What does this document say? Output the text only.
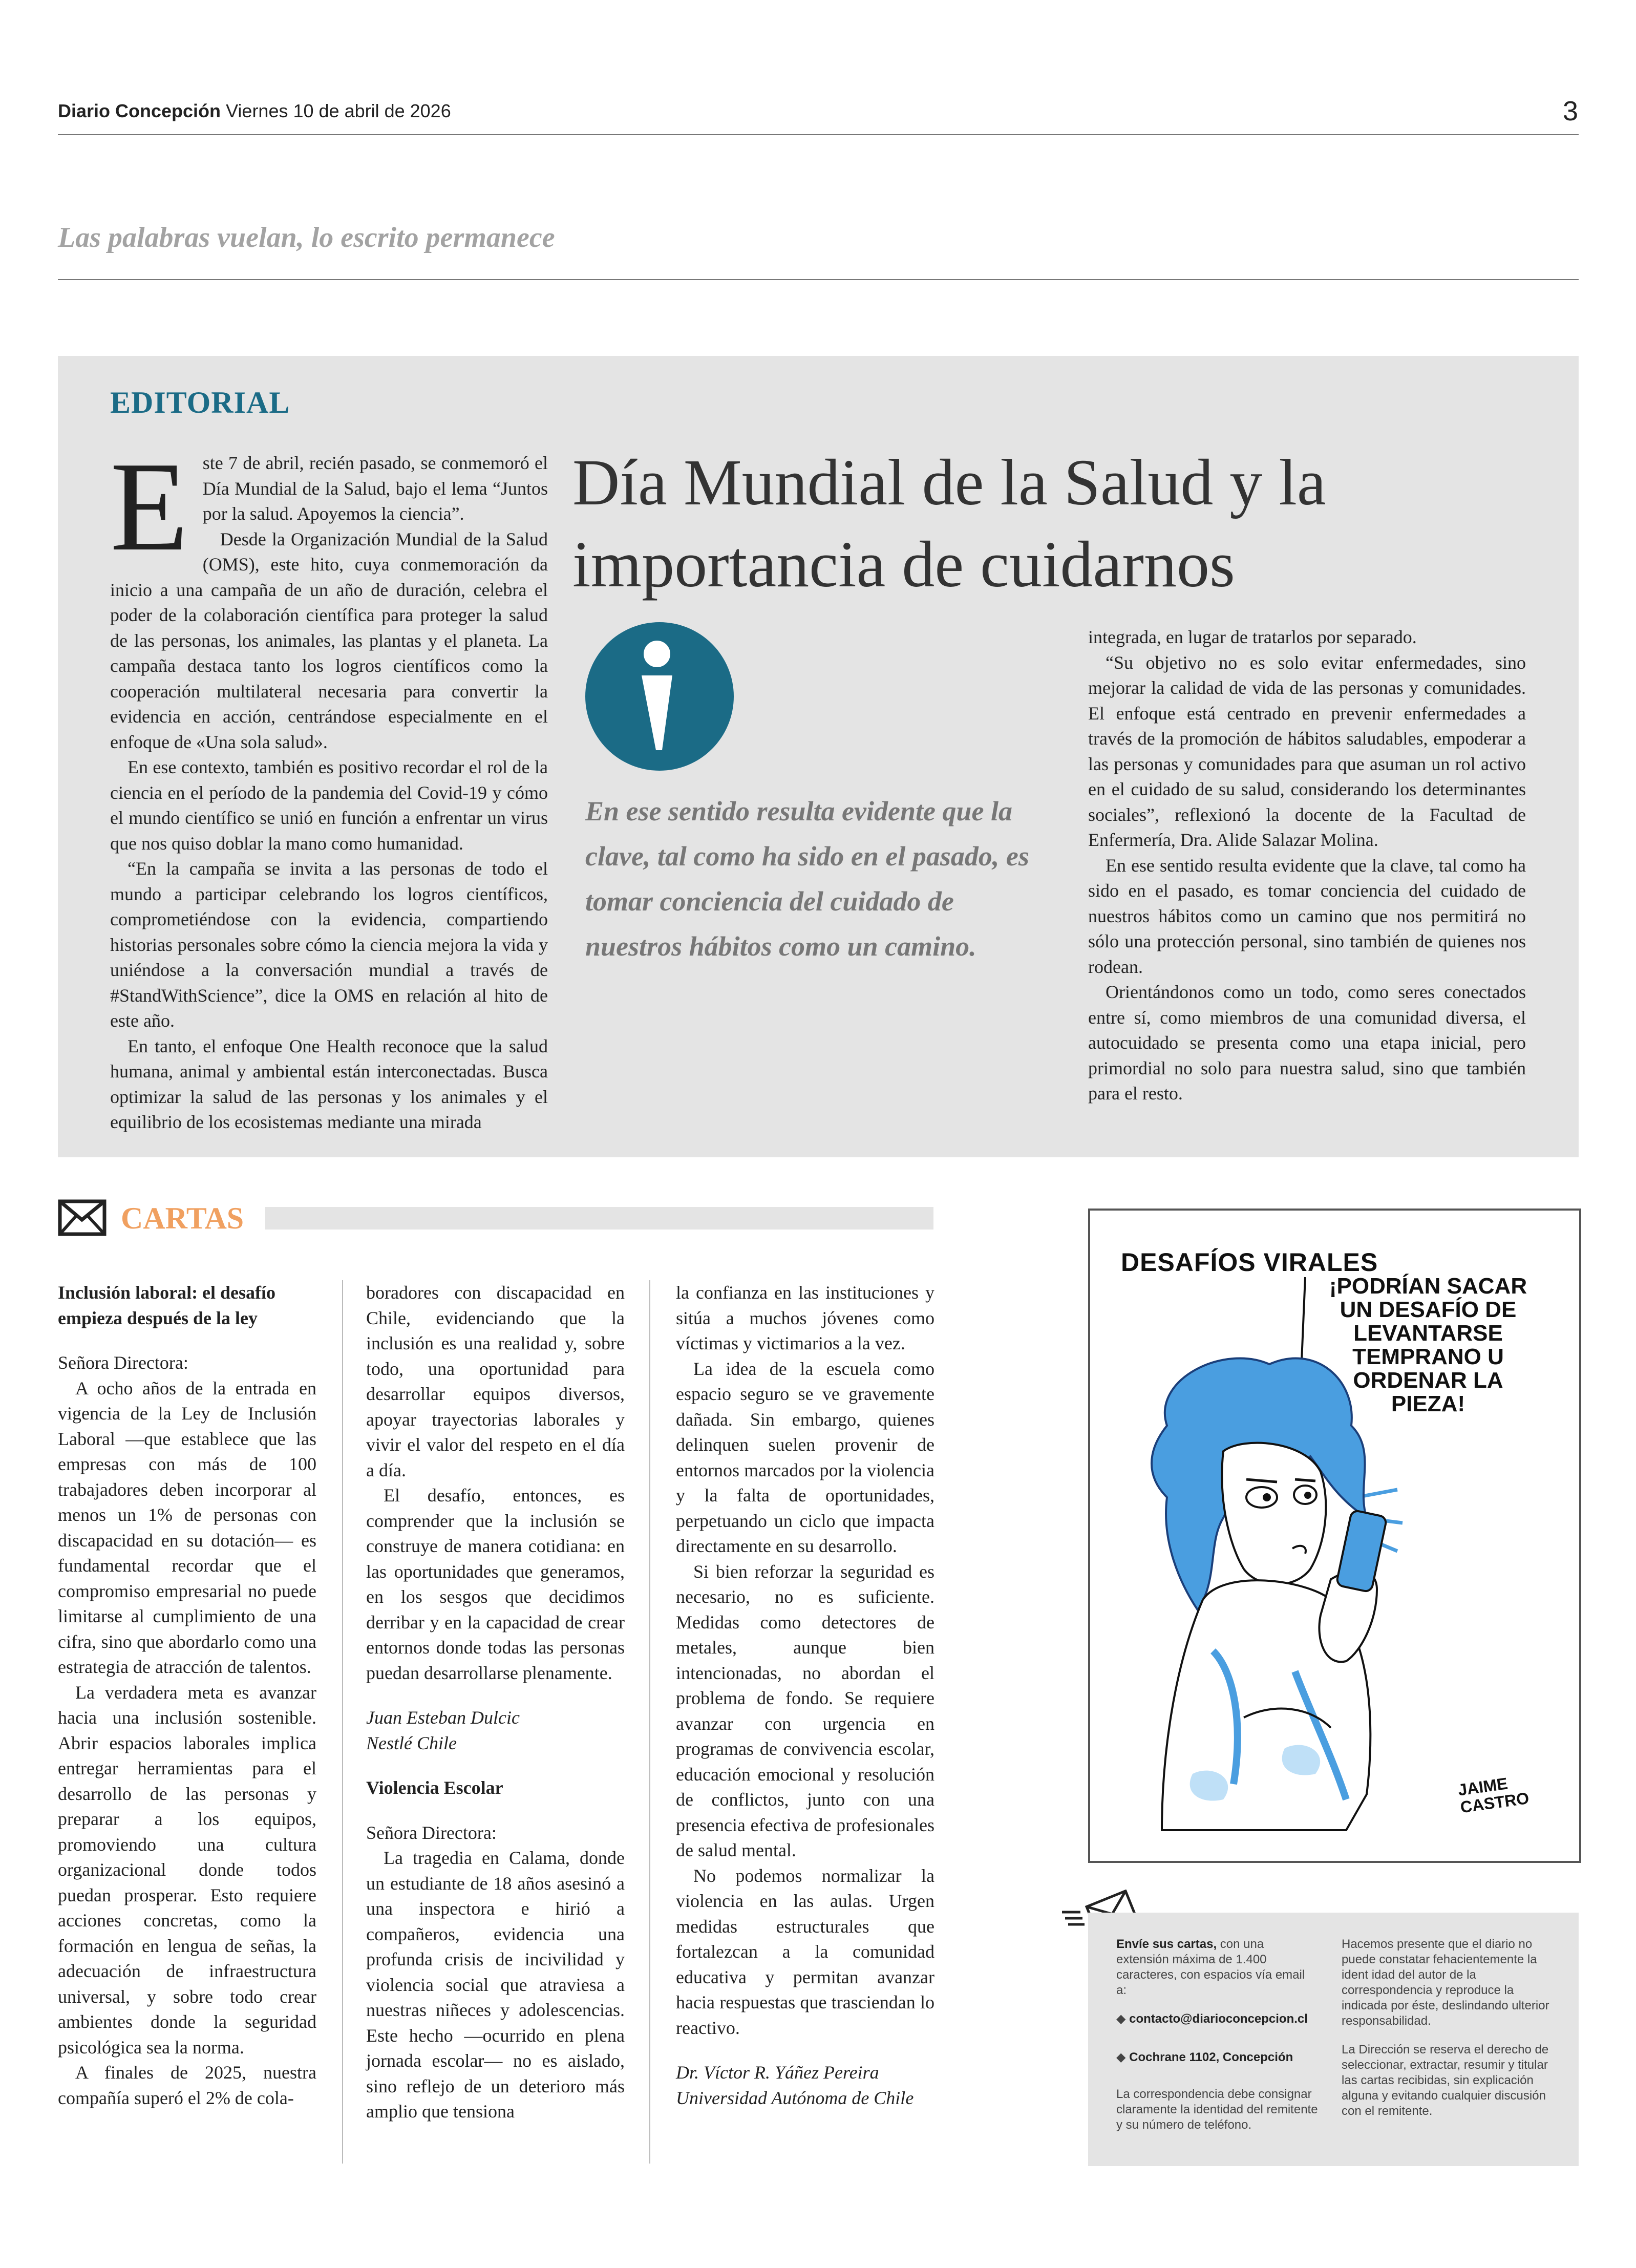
Diario Concepción Viernes 10 de abril de 2026	3
Las palabras vuelan, lo escrito permanece
EDITORIAL
E ste 7 de abril, recién pasado, se conmemoró el Día Mundial de la Salud, bajo el lema “Juntos por la salud. Apoyemos la ciencia”.

Desde la Organización Mundial de la Salud (OMS), este hito, cuya conmemoración da inicio a una campaña de un año de duración, celebra el poder de la colaboración científica para proteger la salud de las personas, los animales, las plantas y el planeta. La campaña destaca tanto los logros científicos como la cooperación multilateral necesaria para convertir la evidencia en acción, centrándose especialmente en el enfoque de «Una sola salud».

En ese contexto, también es positivo recordar el rol de la ciencia en el período de la pandemia del Covid-19 y cómo el mundo científico se unió en función a enfrentar un virus que nos quiso doblar la mano como humanidad.

“En la campaña se invita a las personas de todo el mundo a participar celebrando los logros científicos, comprometiéndose con la evidencia, compartiendo historias personales sobre cómo la ciencia mejora la vida y uniéndose a la conversación mundial a través de #StandWithScience”, dice la OMS en relación al hito de este año.

En tanto, el enfoque One Health reconoce que la salud humana, animal y ambiental están interconectadas. Busca optimizar la salud de las personas y los animales y el equilibrio de los ecosistemas mediante una mirada

Día Mundial de la Salud y la importancia de cuidarnos
En ese sentido resulta evidente que la clave, tal como ha sido en el pasado, es tomar conciencia del cuidado de nuestros hábitos como un camino.

integrada, en lugar de tratarlos por separado.

“Su objetivo no es solo evitar enfermedades, sino mejorar la calidad de vida de las personas y comunidades. El enfoque está centrado en prevenir enfermedades a través de la promoción de hábitos saludables, empoderar a las personas y comunidades para que asuman un rol activo en el cuidado de su salud, considerando los determinantes sociales”, reflexionó la docente de la Facultad de Enfermería, Dra. Alide Salazar Molina.

En ese sentido resulta evidente que la clave, tal como ha sido en el pasado, es tomar conciencia del cuidado de nuestros hábitos como un camino que nos permitirá no sólo una protección personal, sino también de quienes nos rodean.

Orientándonos como un todo, como seres conectados entre sí, como miembros de una comunidad diversa, el autocuidado se presenta como una etapa inicial, pero primordial no solo para nuestra salud, sino que también para el resto.

CARTAS

Inclusión laboral: el desafío empieza después de la ley

Señora Directora:

A ocho años de la entrada en vigencia de la Ley de Inclusión Laboral —que establece que las empresas con más de 100 trabajadores deben incorporar al menos un 1% de personas con discapacidad en su dotación— es fundamental recordar que el compromiso empresarial no puede limitarse al cumplimiento de una cifra, sino que abordarlo como una estrategia de atracción de talentos.

La verdadera meta es avanzar hacia una inclusión sostenible. Abrir espacios laborales implica entregar herramientas para el desarrollo de las personas y preparar a los equipos, promoviendo una cultura organizacional donde todos puedan prosperar. Esto requiere acciones concretas, como la formación en lengua de señas, la adecuación de infraestructura universal, y sobre todo crear ambientes donde la seguridad psicológica sea la norma.

A finales de 2025, nuestra compañía superó el 2% de cola-

boradores con discapacidad en Chile, evidenciando que la inclusión es una realidad y, sobre todo, una oportunidad para desarrollar equipos diversos, apoyar trayectorias laborales y vivir el valor del respeto en el día a día.

El desafío, entonces, es comprender que la inclusión se construye de manera cotidiana: en las oportunidades que generamos, en los sesgos que decidimos derribar y en la capacidad de crear entornos donde todas las personas puedan desarrollarse plenamente.

Juan Esteban Dulcic

Nestlé Chile

Violencia Escolar

Señora Directora:

La tragedia en Calama, donde un estudiante de 18 años asesinó a una inspectora e hirió a compañeros, evidencia una profunda crisis de incivilidad y violencia social que atraviesa a nuestras niñeces y adolescencias. Este hecho —ocurrido en plena jornada escolar— no es aislado, sino reflejo de un deterioro más amplio que tensiona

la confianza en las instituciones y sitúa a muchos jóvenes como víctimas y victimarios a la vez.

La idea de la escuela como espacio seguro se ve gravemente dañada. Sin embargo, quienes delinquen suelen provenir de entornos marcados por la violencia y la falta de oportunidades, perpetuando un ciclo que impacta directamente en su desarrollo.

Si bien reforzar la seguridad es necesario, no es suficiente. Medidas como detectores de metales, aunque bien intencionadas, no abordan el problema de fondo. Se requiere avanzar con urgencia en programas de convivencia escolar, educación emocional y resolución de conflictos, junto con una presencia efectiva de profesionales de salud mental.

No podemos normalizar la violencia en las aulas. Urgen medidas estructurales que fortalezcan a la comunidad educativa y permitan avanzar hacia respuestas que trasciendan lo reactivo.

Dr. Víctor R. Yáñez Pereira

Universidad Autónoma de Chile

DESAFÍOS VIRALES
¡PODRÍAN SACAR UN DESAFÍO DE LEVANTARSE TEMPRANO U ORDENAR LA PIEZA!
JAIME CASTRO
Envíe sus cartas, con una extensión máxima de 1.400 caracteres, con espacios vía email a:
◆ contacto@diarioconcepcion.cl
◆ Cochrane 1102, Concepción
La correspondencia debe consignar claramente la identidad del remitente y su número de teléfono.
Hacemos presente que el diario no puede constatar fehacientemente la ident idad del autor de la correspondencia y reproduce la indicada por éste, deslindando ulterior responsabilidad.
La Dirección se reserva el derecho de seleccionar, extractar, resumir y titular las cartas recibidas, sin explicación alguna y evitando cualquier discusión con el remitente.
